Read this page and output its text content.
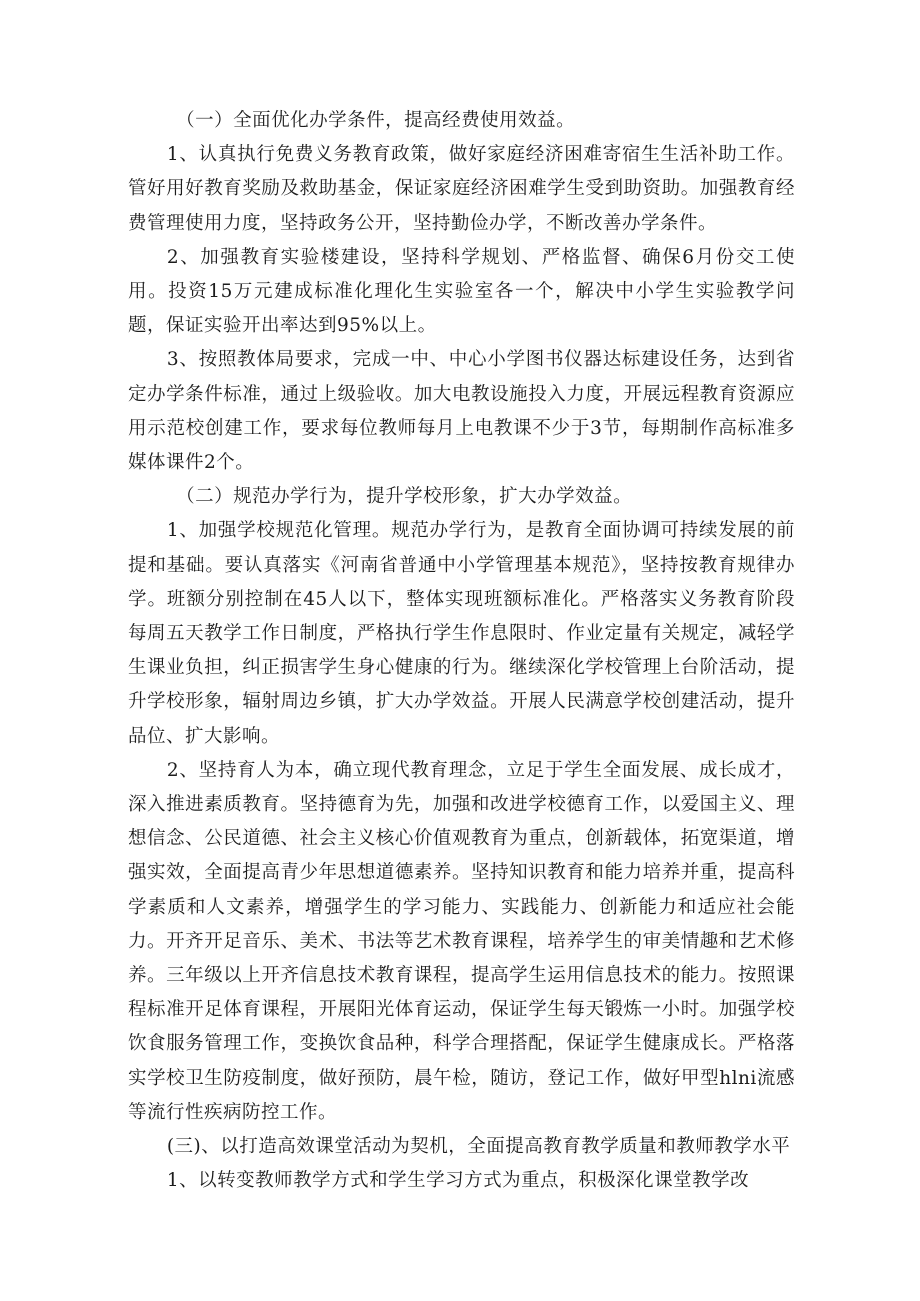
（一）全面优化办学条件，提高经费使用效益。

1、认真执行免费义务教育政策，做好家庭经济困难寄宿生生活补助工作。管好用好教育奖励及救助基金，保证家庭经济困难学生受到助资助。加强教育经费管理使用力度，坚持政务公开，坚持勤俭办学，不断改善办学条件。

2、加强教育实验楼建设，坚持科学规划、严格监督、确保6月份交工使用。投资15万元建成标准化理化生实验室各一个，解决中小学生实验教学问题，保证实验开出率达到95%以上。

3、按照教体局要求，完成一中、中心小学图书仪器达标建设任务，达到省定办学条件标准，通过上级验收。加大电教设施投入力度，开展远程教育资源应用示范校创建工作，要求每位教师每月上电教课不少于3节，每期制作高标准多媒体课件2个。

（二）规范办学行为，提升学校形象，扩大办学效益。

1、加强学校规范化管理。规范办学行为，是教育全面协调可持续发展的前提和基础。要认真落实《河南省普通中小学管理基本规范》，坚持按教育规律办学。班额分别控制在45人以下，整体实现班额标准化。严格落实义务教育阶段每周五天教学工作日制度，严格执行学生作息限时、作业定量有关规定，减轻学生课业负担，纠正损害学生身心健康的行为。继续深化学校管理上台阶活动，提升学校形象，辐射周边乡镇，扩大办学效益。开展人民满意学校创建活动，提升品位、扩大影响。

2、坚持育人为本，确立现代教育理念，立足于学生全面发展、成长成才，深入推进素质教育。坚持德育为先，加强和改进学校德育工作，以爱国主义、理想信念、公民道德、社会主义核心价值观教育为重点，创新载体，拓宽渠道，增强实效，全面提高青少年思想道德素养。坚持知识教育和能力培养并重，提高科学素质和人文素养，增强学生的学习能力、实践能力、创新能力和适应社会能力。开齐开足音乐、美术、书法等艺术教育课程，培养学生的审美情趣和艺术修养。三年级以上开齐信息技术教育课程，提高学生运用信息技术的能力。按照课程标准开足体育课程，开展阳光体育运动，保证学生每天锻炼一小时。加强学校饮食服务管理工作，变换饮食品种，科学合理搭配，保证学生健康成长。严格落实学校卫生防疫制度，做好预防，晨午检，随访，登记工作，做好甲型hlni流感等流行性疾病防控工作。

(三)、以打造高效课堂活动为契机，全面提高教育教学质量和教师教学水平

1、以转变教师教学方式和学生学习方式为重点，积极深化课堂教学改
